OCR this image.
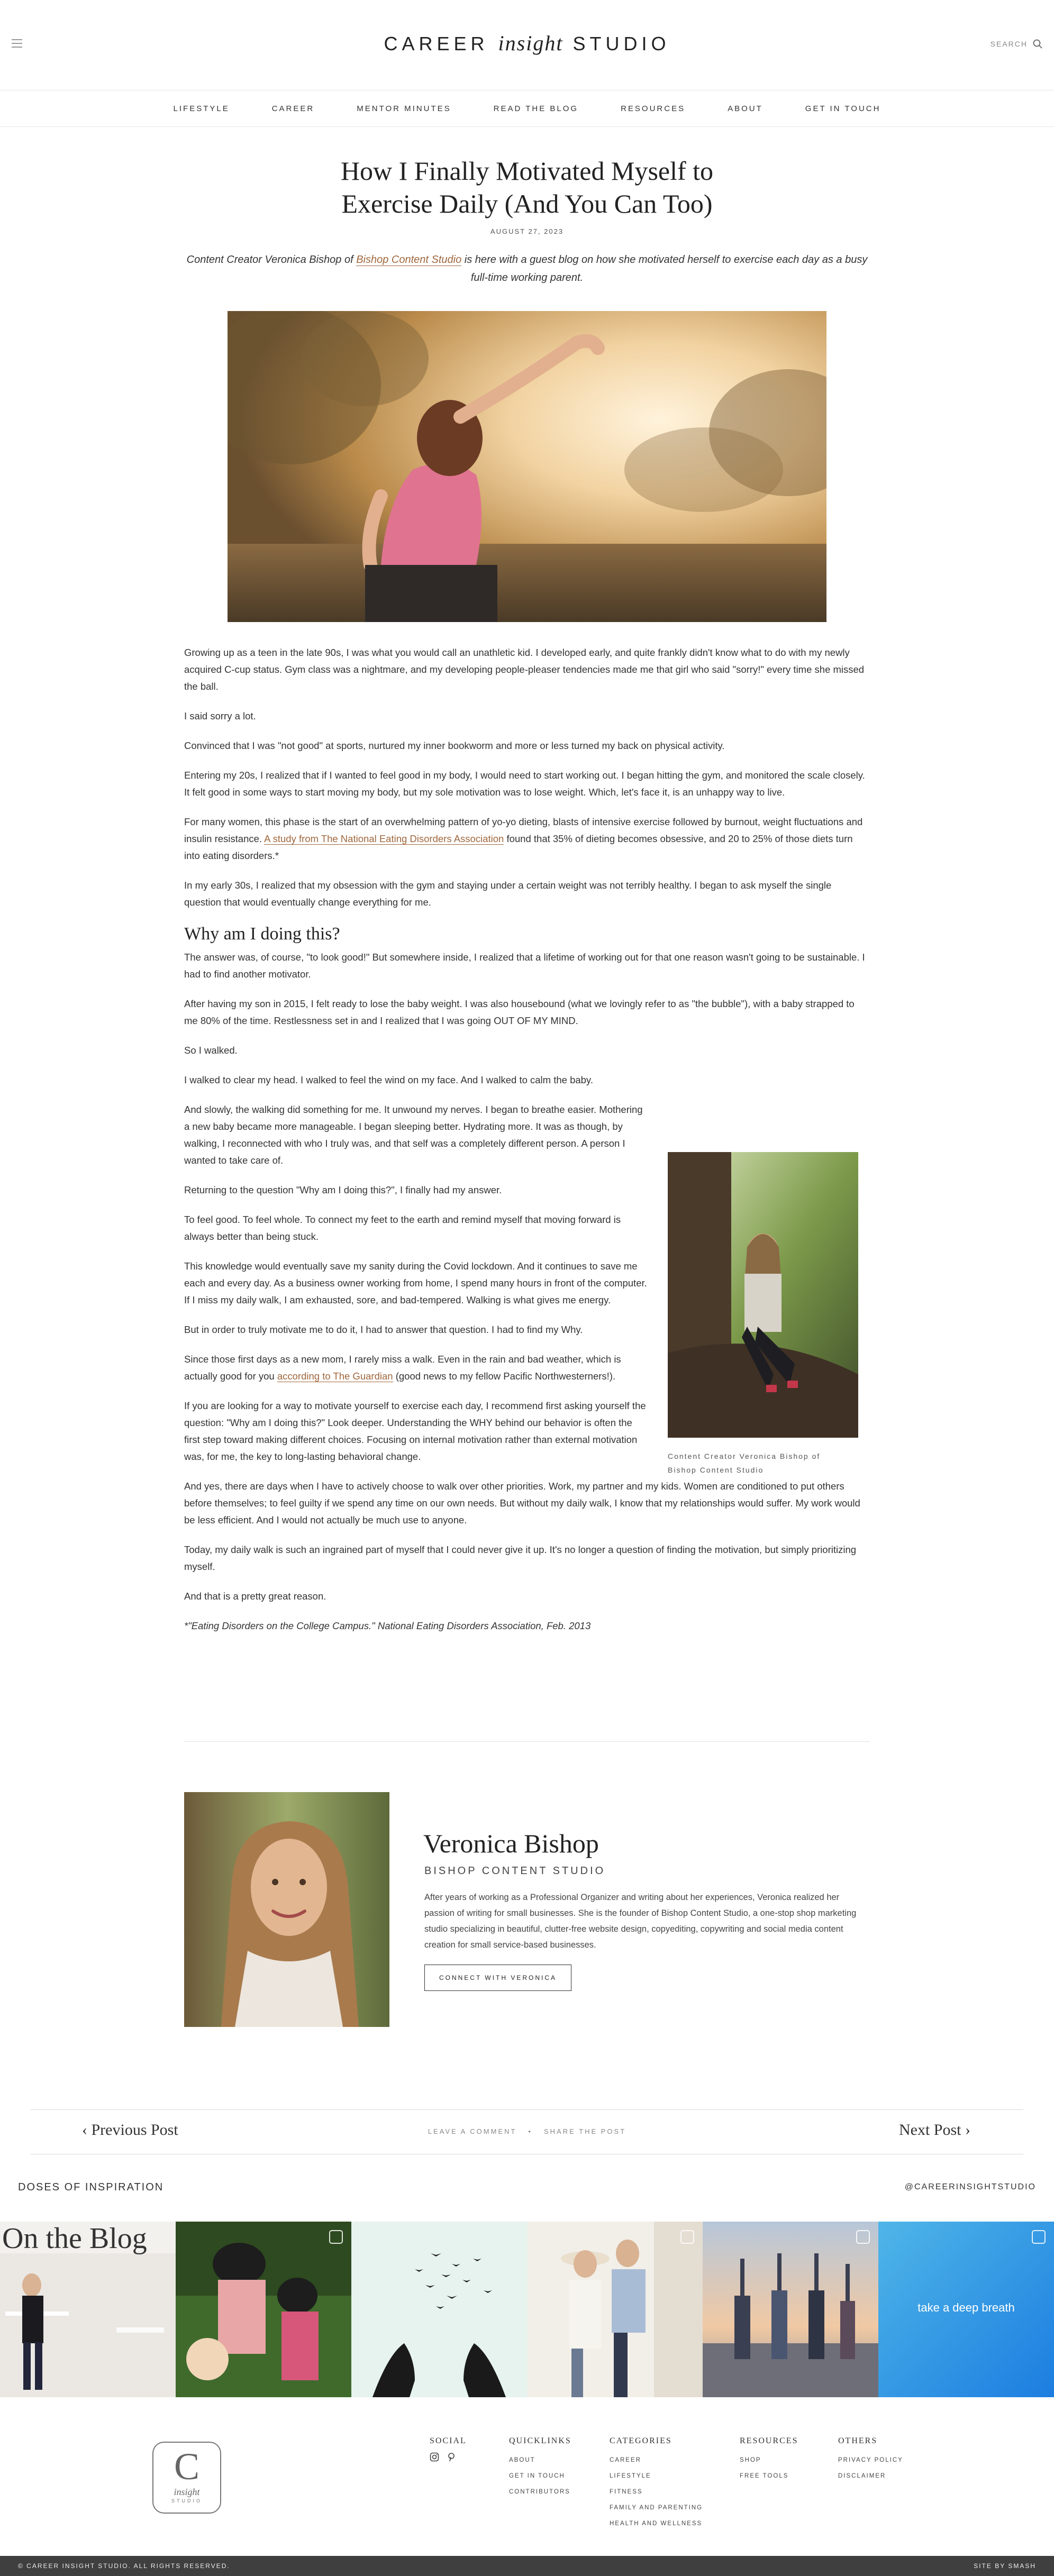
CAREER insight STUDIO	SEARCH
LIFESTYLE	CAREER	MENTOR MINUTES	READ THE BLOG	RESOURCES	ABOUT	GET IN TOUCH
How I Finally Motivated Myself to
Exercise Daily (And You Can Too)
AUGUST 27, 2023
Content Creator Veronica Bishop of Bishop Content Studio is here with a guest blog on how she motivated herself to exercise each day as a busy full-time working parent.

Growing up as a teen in the late 90s, I was what you would call an unathletic kid. I developed early, and quite frankly didn't know what to do with my newly acquired C-cup status. Gym class was a nightmare, and my developing people-pleaser tendencies made me that girl who said "sorry!" every time she missed the ball.

I said sorry a lot.

Convinced that I was "not good" at sports, nurtured my inner bookworm and more or less turned my back on physical activity.

Entering my 20s, I realized that if I wanted to feel good in my body, I would need to start working out. I began hitting the gym, and monitored the scale closely. It felt good in some ways to start moving my body, but my sole motivation was to lose weight. Which, let's face it, is an unhappy way to live.

For many women, this phase is the start of an overwhelming pattern of yo-yo dieting, blasts of intensive exercise followed by burnout, weight fluctuations and insulin resistance. A study from The National Eating Disorders Association found that 35% of dieting becomes obsessive, and 20 to 25% of those diets turn into eating disorders.*

In my early 30s, I realized that my obsession with the gym and staying under a certain weight was not terribly healthy. I began to ask myself the single question that would eventually change everything for me.

Why am I doing this?

The answer was, of course, "to look good!" But somewhere inside, I realized that a lifetime of working out for that one reason wasn't going to be sustainable. I had to find another motivator.

After having my son in 2015, I felt ready to lose the baby weight. I was also housebound (what we lovingly refer to as "the bubble"), with a baby strapped to me 80% of the time. Restlessness set in and I realized that I was going OUT OF MY MIND.

So I walked.

I walked to clear my head. I walked to feel the wind on my face. And I walked to calm the baby.

And slowly, the walking did something for me. It unwound my nerves. I began to breathe easier. Mothering a new baby became more manageable. I began sleeping better. Hydrating more. It was as though, by walking, I reconnected with who I truly was, and that self was a completely different person. A person I wanted to take care of.

Returning to the question "Why am I doing this?", I finally had my answer.

To feel good. To feel whole. To connect my feet to the earth and remind myself that moving forward is always better than being stuck.

This knowledge would eventually save my sanity during the Covid lockdown. And it continues to save me each and every day. As a business owner working from home, I spend many hours in front of the computer. If I miss my daily walk, I am exhausted, sore, and bad-tempered. Walking is what gives me energy.

But in order to truly motivate me to do it, I had to answer that question. I had to find my Why.

Since those first days as a new mom, I rarely miss a walk. Even in the rain and bad weather, which is actually good for you according to The Guardian (good news to my fellow Pacific Northwesterners!).

If you are looking for a way to motivate yourself to exercise each day, I recommend first asking yourself the question: "Why am I doing this?" Look deeper. Understanding the WHY behind our behavior is often the first step toward making different choices. Focusing on internal motivation rather than external motivation was, for me, the key to long-lasting behavioral change.

And yes, there are days when I have to actively choose to walk over other priorities. Work, my partner and my kids. Women are conditioned to put others before themselves; to feel guilty if we spend any time on our own needs. But without my daily walk, I know that my relationships would suffer. My work would be less efficient. And I would not actually be much use to anyone.

Today, my daily walk is such an ingrained part of myself that I could never give it up. It's no longer a question of finding the motivation, but simply prioritizing myself.

And that is a pretty great reason.

*"Eating Disorders on the College Campus." National Eating Disorders Association, Feb. 2013

Content Creator Veronica Bishop of
Bishop Content Studio
Veronica Bishop
BISHOP CONTENT STUDIO
After years of working as a Professional Organizer and writing about her experiences, Veronica realized her passion of writing for small businesses. She is the founder of Bishop Content Studio, a one-stop shop marketing studio specializing in beautiful, clutter-free website design, copyediting, copywriting and social media content creation for small service-based businesses.
CONNECT WITH VERONICA
‹ Previous Post	LEAVE A COMMENT • SHARE THE POST	Next Post ›
DOSES OF INSPIRATION	@CAREERINSIGHTSTUDIO
On the Blog
take a deep breath
C
insight
STUDIO
SOCIAL	QUICKLINKS
ABOUT
GET IN TOUCH
CONTRIBUTORS
CATEGORIES
CAREER
LIFESTYLE
FITNESS
FAMILY AND PARENTING
HEALTH AND WELLNESS
RESOURCES
SHOP
FREE TOOLS
OTHERS
PRIVACY POLICY
DISCLAIMER
© CAREER INSIGHT STUDIO. ALL RIGHTS RESERVED.	SITE BY SMASH
